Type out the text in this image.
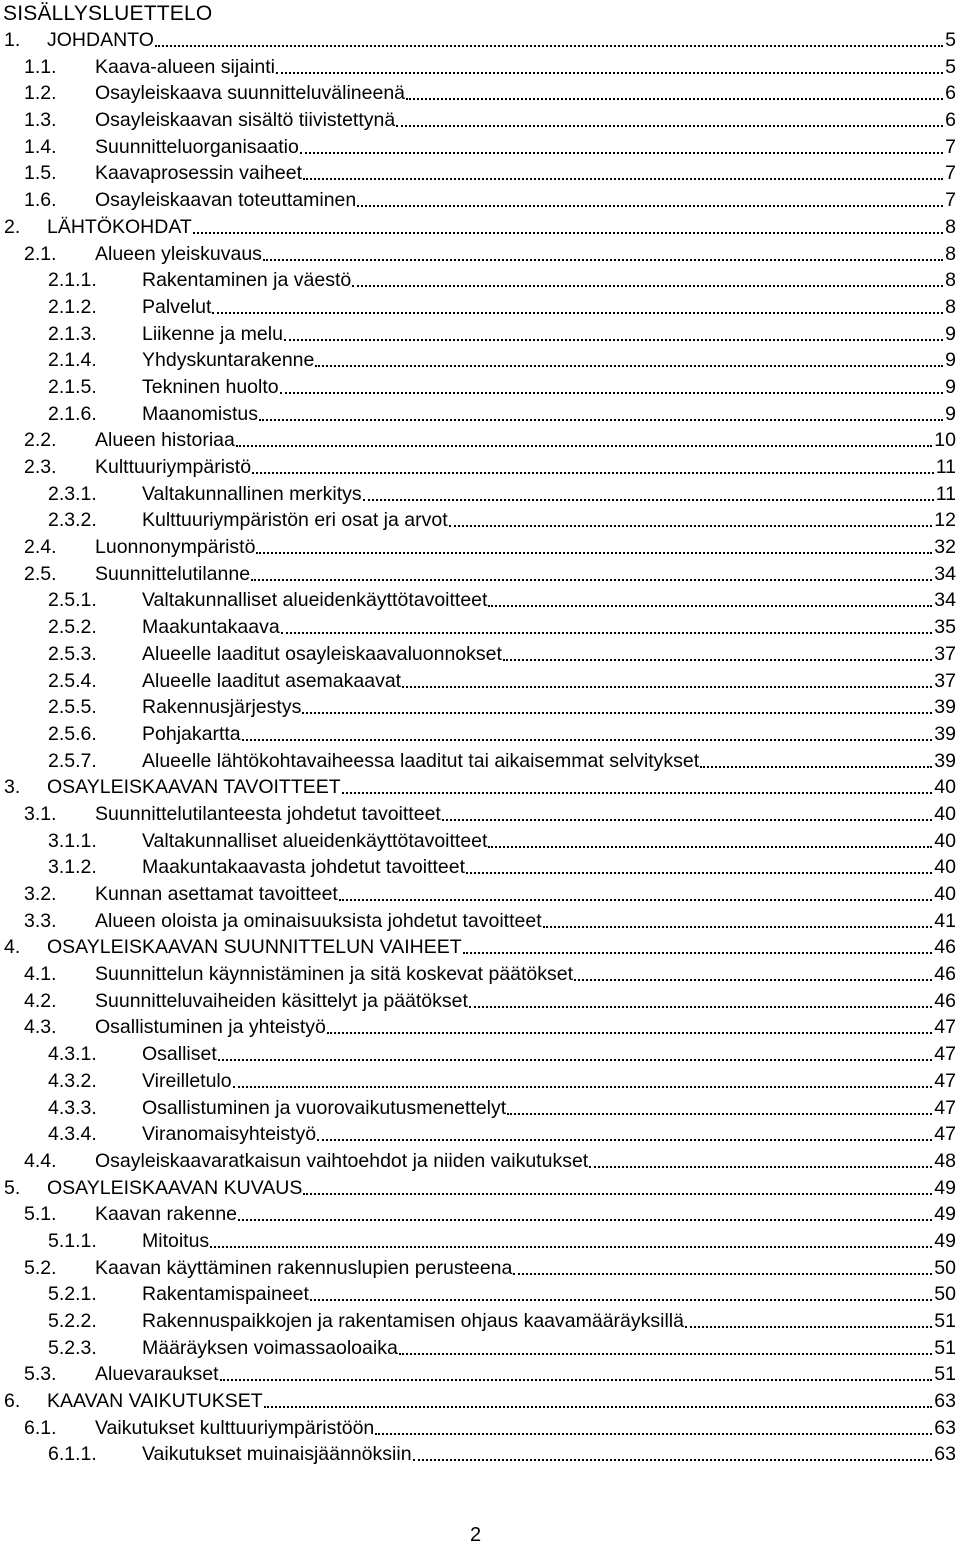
SISÄLLYSLUETTELO
1.	JOHDANTO	5
1.1.	Kaava-alueen sijainti	5
1.2.	Osayleiskaava suunnitteluvälineenä	6
1.3.	Osayleiskaavan sisältö tiivistettynä	6
1.4.	Suunnitteluorganisaatio	7
1.5.	Kaavaprosessin vaiheet	7
1.6.	Osayleiskaavan toteuttaminen	7
2.	LÄHTÖKOHDAT	8
2.1.	Alueen yleiskuvaus	8
2.1.1.	Rakentaminen ja väestö	8
2.1.2.	Palvelut	8
2.1.3.	Liikenne ja melu	9
2.1.4.	Yhdyskuntarakenne	9
2.1.5.	Tekninen huolto	9
2.1.6.	Maanomistus	9
2.2.	Alueen historiaa	10
2.3.	Kulttuuriympäristö	11
2.3.1.	Valtakunnallinen merkitys	11
2.3.2.	Kulttuuriympäristön eri osat ja arvot	12
2.4.	Luonnonympäristö	32
2.5.	Suunnittelutilanne	34
2.5.1.	Valtakunnalliset alueidenkäyttötavoitteet	34
2.5.2.	Maakuntakaava	35
2.5.3.	Alueelle laaditut osayleiskaavaluonnokset	37
2.5.4.	Alueelle laaditut asemakaavat	37
2.5.5.	Rakennusjärjestys	39
2.5.6.	Pohjakartta	39
2.5.7.	Alueelle lähtökohtavaiheessa laaditut tai aikaisemmat selvitykset	39
3.	OSAYLEISKAAVAN TAVOITTEET	40
3.1.	Suunnittelutilanteesta johdetut tavoitteet	40
3.1.1.	Valtakunnalliset alueidenkäyttötavoitteet	40
3.1.2.	Maakuntakaavasta johdetut tavoitteet	40
3.2.	Kunnan asettamat tavoitteet	40
3.3.	Alueen oloista ja ominaisuuksista johdetut tavoitteet	41
4.	OSAYLEISKAAVAN SUUNNITTELUN VAIHEET	46
4.1.	Suunnittelun käynnistäminen ja sitä koskevat päätökset	46
4.2.	Suunnitteluvaiheiden käsittelyt ja päätökset	46
4.3.	Osallistuminen ja yhteistyö	47
4.3.1.	Osalliset	47
4.3.2.	Vireilletulo	47
4.3.3.	Osallistuminen ja vuorovaikutusmenettelyt	47
4.3.4.	Viranomaisyhteistyö	47
4.4.	Osayleiskaavaratkaisun vaihtoehdot ja niiden vaikutukset	48
5.	OSAYLEISKAAVAN KUVAUS	49
5.1.	Kaavan rakenne	49
5.1.1.	Mitoitus	49
5.2.	Kaavan käyttäminen rakennuslupien perusteena	50
5.2.1.	Rakentamispaineet	50
5.2.2.	Rakennuspaikkojen ja rakentamisen ohjaus kaavamääräyksillä	51
5.2.3.	Määräyksen voimassaoloaika	51
5.3.	Aluevaraukset	51
6.	KAAVAN VAIKUTUKSET	63
6.1.	Vaikutukset kulttuuriympäristöön	63
6.1.1.	Vaikutukset muinaisjäännöksiin	63
2
